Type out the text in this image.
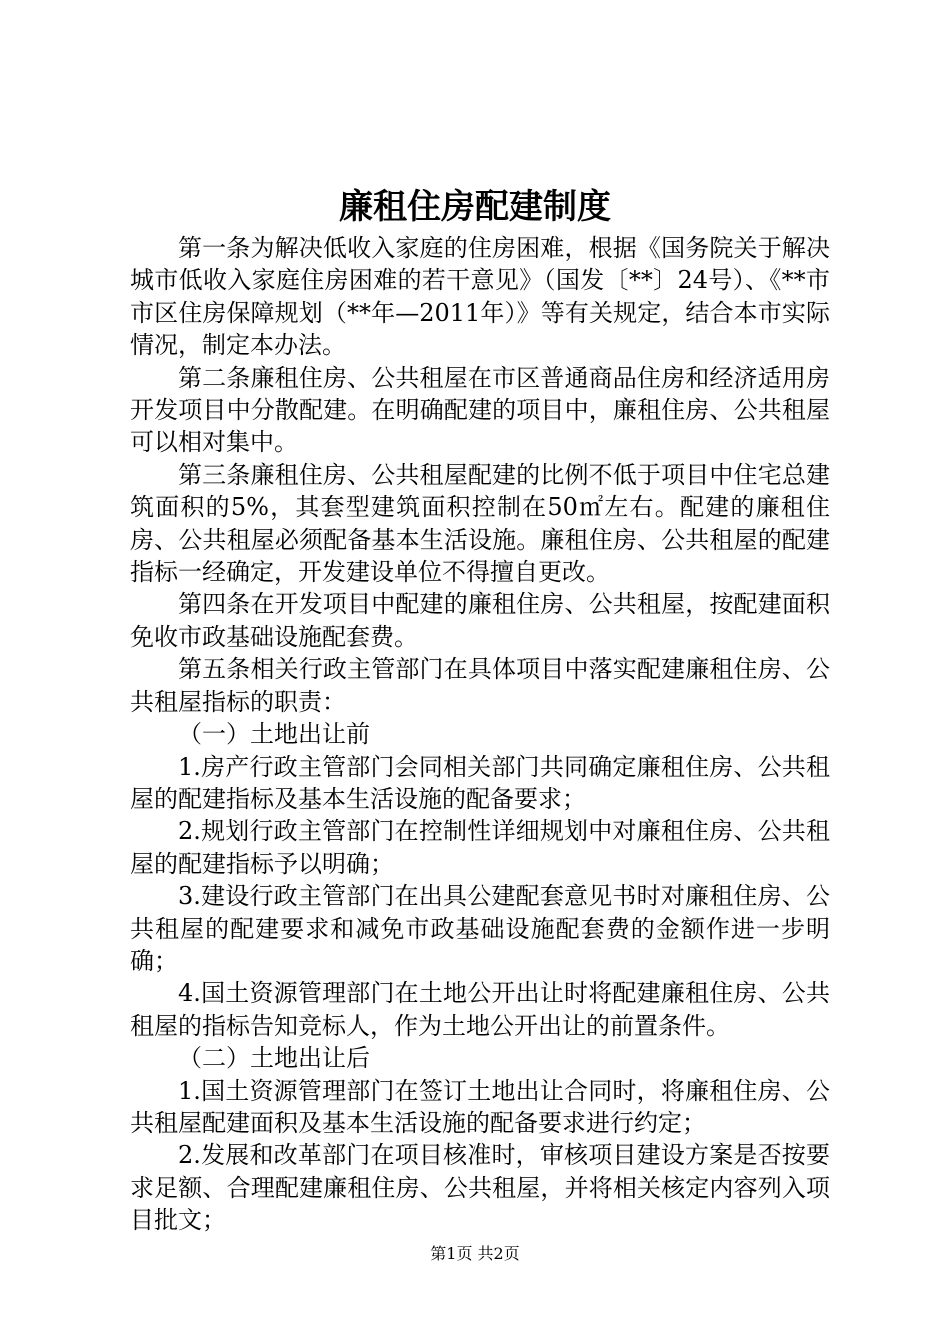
廉租住房配建制度

第一条为解决低收入家庭的住房困难，根据《国务院关于解决城市低收入家庭住房困难的若干意见》（国发〔**〕24号）、《**市市区住房保障规划（**年—2011年）》等有关规定，结合本市实际情况，制定本办法。

第二条廉租住房、公共租屋在市区普通商品住房和经济适用房开发项目中分散配建。在明确配建的项目中，廉租住房、公共租屋可以相对集中。

第三条廉租住房、公共租屋配建的比例不低于项目中住宅总建筑面积的5%，其套型建筑面积控制在50㎡左右。配建的廉租住房、公共租屋必须配备基本生活设施。廉租住房、公共租屋的配建指标一经确定，开发建设单位不得擅自更改。

第四条在开发项目中配建的廉租住房、公共租屋，按配建面积免收市政基础设施配套费。

第五条相关行政主管部门在具体项目中落实配建廉租住房、公共租屋指标的职责：

（一）土地出让前

1.房产行政主管部门会同相关部门共同确定廉租住房、公共租屋的配建指标及基本生活设施的配备要求；

2.规划行政主管部门在控制性详细规划中对廉租住房、公共租屋的配建指标予以明确；

3.建设行政主管部门在出具公建配套意见书时对廉租住房、公共租屋的配建要求和减免市政基础设施配套费的金额作进一步明确；

4.国土资源管理部门在土地公开出让时将配建廉租住房、公共租屋的指标告知竞标人，作为土地公开出让的前置条件。

（二）土地出让后

1.国土资源管理部门在签订土地出让合同时，将廉租住房、公共租屋配建面积及基本生活设施的配备要求进行约定；

2.发展和改革部门在项目核准时，审核项目建设方案是否按要求足额、合理配建廉租住房、公共租屋，并将相关核定内容列入项目批文；

第1页 共2页
